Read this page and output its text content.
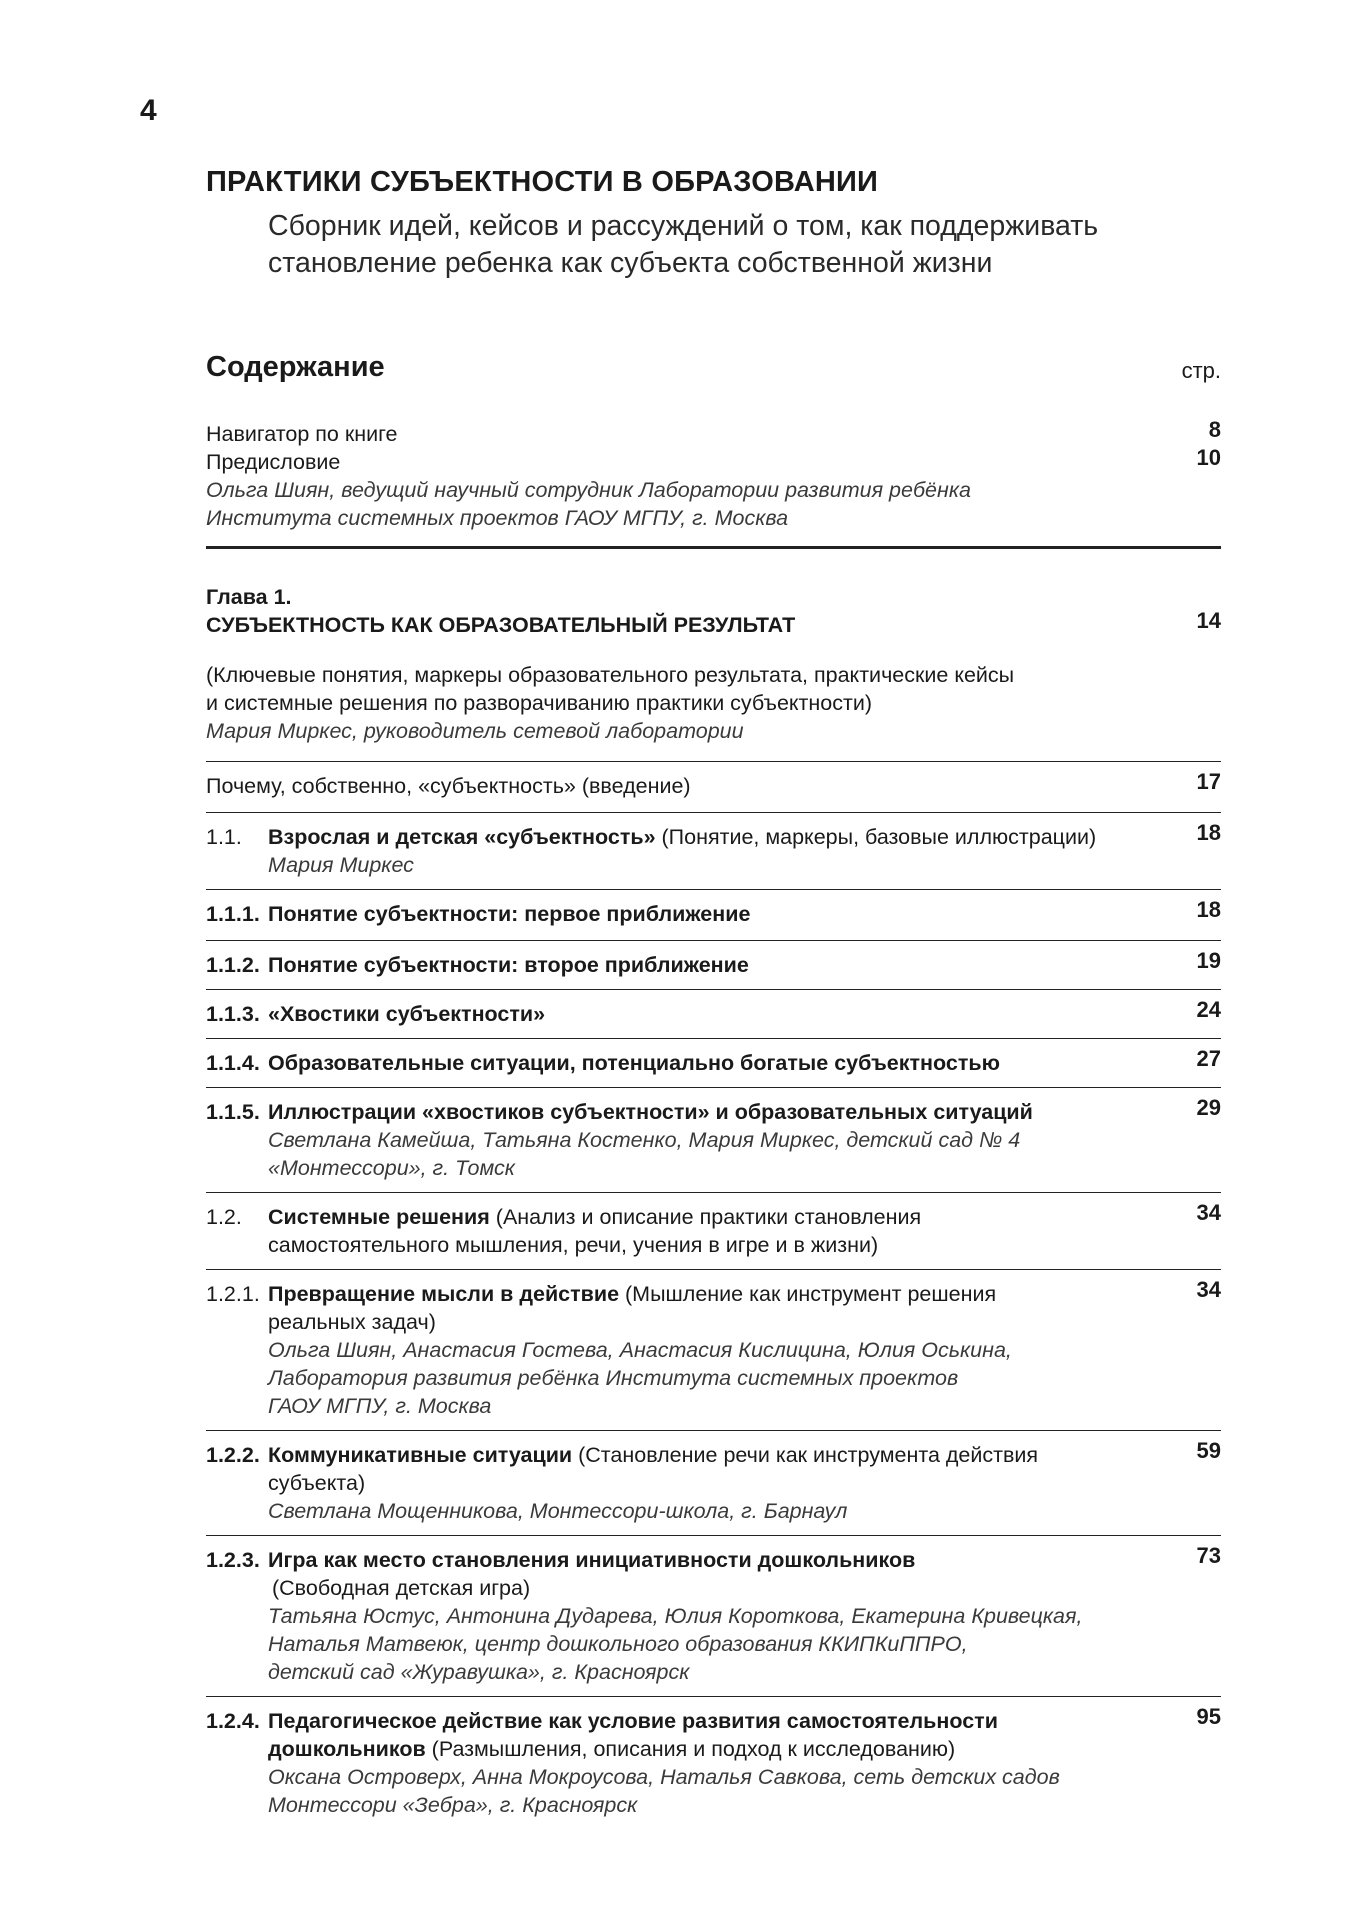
4
ПРАКТИКИ СУБЪЕКТНОСТИ В ОБРАЗОВАНИИ
Сборник идей, кейсов и рассуждений о том, как поддерживать
становление ребенка как субъекта собственной жизни
Содержание	стр.
Навигатор по книге	8
Предисловие	10
Ольга Шиян, ведущий научный сотрудник Лаборатории развития ребёнка
Института системных проектов ГАОУ МГПУ, г. Москва
Глава 1.
СУБЪЕКТНОСТЬ КАК ОБРАЗОВАТЕЛЬНЫЙ РЕЗУЛЬТАТ	14
(Ключевые понятия, маркеры образовательного результата, практические кейсы
и системные решения по разворачиванию практики субъектности)
Мария Миркес, руководитель сетевой лаборатории
Почему, собственно, «субъектность» (введение)	17
1.1. Взрослая и детская «субъектность» (Понятие, маркеры, базовые иллюстрации)	18
Мария Миркес
1.1.1. Понятие субъектности: первое приближение	18
1.1.2. Понятие субъектности: второе приближение	19
1.1.3. «Хвостики субъектности»	24
1.1.4. Образовательные ситуации, потенциально богатые субъектностью	27
1.1.5. Иллюстрации «хвостиков субъектности» и образовательных ситуаций	29
Светлана Камейша, Татьяна Костенко, Мария Миркес, детский сад № 4
«Монтессори», г. Томск
1.2. Системные решения (Анализ и описание практики становления	34
самостоятельного мышления, речи, учения в игре и в жизни)
1.2.1. Превращение мысли в действие (Мышление как инструмент решения	34
реальных задач)
Ольга Шиян, Анастасия Гостева, Анастасия Кислицина, Юлия Оськина,
Лаборатория развития ребёнка Института системных проектов
ГАОУ МГПУ, г. Москва
1.2.2. Коммуникативные ситуации (Становление речи как инструмента действия	59
субъекта)
Светлана Мощенникова, Монтессори-школа, г. Барнаул
1.2.3. Игра как место становления инициативности дошкольников	73
(Свободная детская игра)
Татьяна Юстус, Антонина Дударева, Юлия Короткова, Екатерина Кривецкая,
Наталья Матвеюк, центр дошкольного образования ККИПКиППРО,
детский сад «Журавушка», г. Красноярск
1.2.4. Педагогическое действие как условие развития самостоятельности	95
дошкольников (Размышления, описания и подход к исследованию)
Оксана Островерх, Анна Мокроусова, Наталья Савкова, сеть детских садов
Монтессори «Зебра», г. Красноярск
